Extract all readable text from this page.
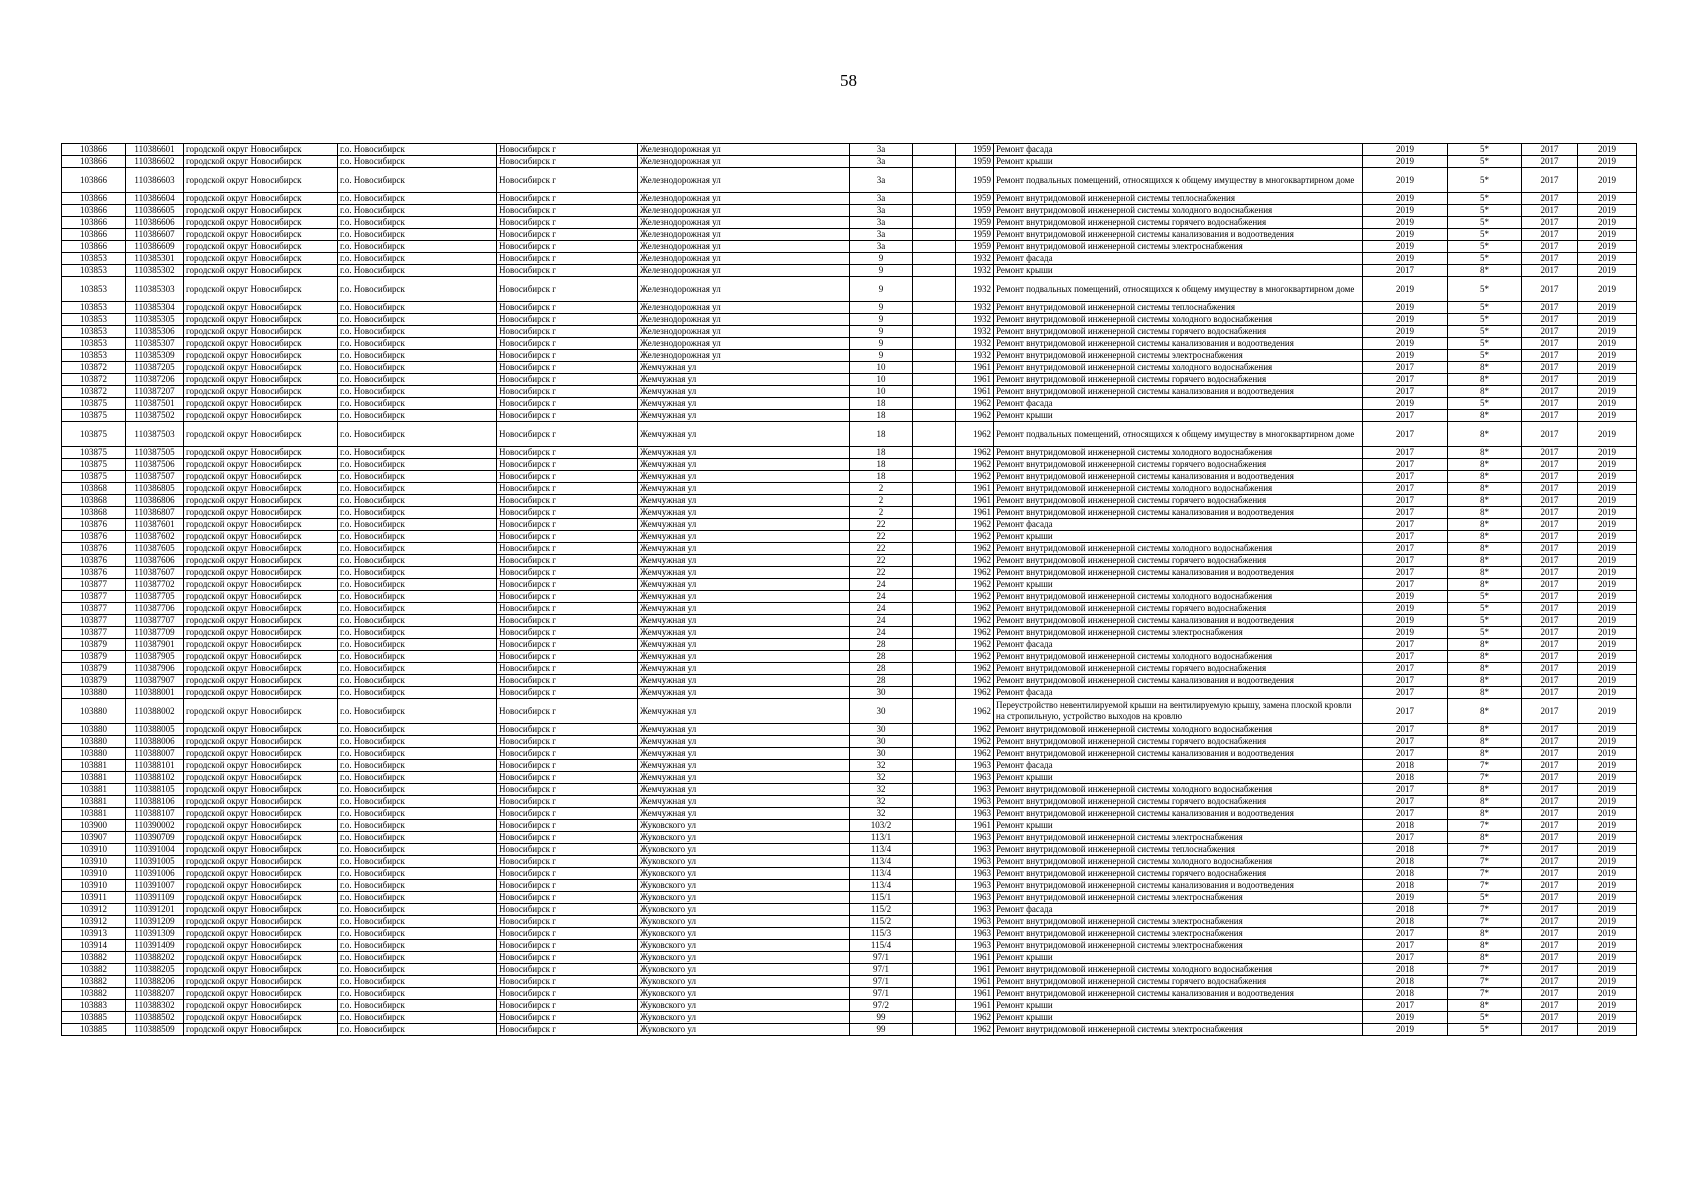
58
103866	110386601	городской округ Новосибирск	г.о. Новосибирск	Новосибирск г	Железнодорожная ул	3а		1959	Ремонт фасада	2019	5*	2017	2019
103866	110386602	городской округ Новосибирск	г.о. Новосибирск	Новосибирск г	Железнодорожная ул	3а		1959	Ремонт крыши	2019	5*	2017	2019
103866	110386603	городской округ Новосибирск	г.о. Новосибирск	Новосибирск г	Железнодорожная ул	3а		1959	Ремонт подвальных помещений, относящихся к общему имуществу в многоквартирном доме	2019	5*	2017	2019
103866	110386604	городской округ Новосибирск	г.о. Новосибирск	Новосибирск г	Железнодорожная ул	3а		1959	Ремонт внутридомовой инженерной системы теплоснабжения	2019	5*	2017	2019
103866	110386605	городской округ Новосибирск	г.о. Новосибирск	Новосибирск г	Железнодорожная ул	3а		1959	Ремонт внутридомовой инженерной системы холодного водоснабжения	2019	5*	2017	2019
103866	110386606	городской округ Новосибирск	г.о. Новосибирск	Новосибирск г	Железнодорожная ул	3а		1959	Ремонт внутридомовой инженерной системы горячего водоснабжения	2019	5*	2017	2019
103866	110386607	городской округ Новосибирск	г.о. Новосибирск	Новосибирск г	Железнодорожная ул	3а		1959	Ремонт внутридомовой инженерной системы канализования и водоотведения	2019	5*	2017	2019
103866	110386609	городской округ Новосибирск	г.о. Новосибирск	Новосибирск г	Железнодорожная ул	3а		1959	Ремонт внутридомовой инженерной системы электроснабжения	2019	5*	2017	2019
103853	110385301	городской округ Новосибирск	г.о. Новосибирск	Новосибирск г	Железнодорожная ул	9		1932	Ремонт фасада	2019	5*	2017	2019
103853	110385302	городской округ Новосибирск	г.о. Новосибирск	Новосибирск г	Железнодорожная ул	9		1932	Ремонт крыши	2017	8*	2017	2019
103853	110385303	городской округ Новосибирск	г.о. Новосибирск	Новосибирск г	Железнодорожная ул	9		1932	Ремонт подвальных помещений, относящихся к общему имуществу в многоквартирном доме	2019	5*	2017	2019
103853	110385304	городской округ Новосибирск	г.о. Новосибирск	Новосибирск г	Железнодорожная ул	9		1932	Ремонт внутридомовой инженерной системы теплоснабжения	2019	5*	2017	2019
103853	110385305	городской округ Новосибирск	г.о. Новосибирск	Новосибирск г	Железнодорожная ул	9		1932	Ремонт внутридомовой инженерной системы холодного водоснабжения	2019	5*	2017	2019
103853	110385306	городской округ Новосибирск	г.о. Новосибирск	Новосибирск г	Железнодорожная ул	9		1932	Ремонт внутридомовой инженерной системы горячего водоснабжения	2019	5*	2017	2019
103853	110385307	городской округ Новосибирск	г.о. Новосибирск	Новосибирск г	Железнодорожная ул	9		1932	Ремонт внутридомовой инженерной системы канализования и водоотведения	2019	5*	2017	2019
103853	110385309	городской округ Новосибирск	г.о. Новосибирск	Новосибирск г	Железнодорожная ул	9		1932	Ремонт внутридомовой инженерной системы электроснабжения	2019	5*	2017	2019
103872	110387205	городской округ Новосибирск	г.о. Новосибирск	Новосибирск г	Жемчужная ул	10		1961	Ремонт внутридомовой инженерной системы холодного водоснабжения	2017	8*	2017	2019
103872	110387206	городской округ Новосибирск	г.о. Новосибирск	Новосибирск г	Жемчужная ул	10		1961	Ремонт внутридомовой инженерной системы горячего водоснабжения	2017	8*	2017	2019
103872	110387207	городской округ Новосибирск	г.о. Новосибирск	Новосибирск г	Жемчужная ул	10		1961	Ремонт внутридомовой инженерной системы канализования и водоотведения	2017	8*	2017	2019
103875	110387501	городской округ Новосибирск	г.о. Новосибирск	Новосибирск г	Жемчужная ул	18		1962	Ремонт фасада	2019	5*	2017	2019
103875	110387502	городской округ Новосибирск	г.о. Новосибирск	Новосибирск г	Жемчужная ул	18		1962	Ремонт крыши	2017	8*	2017	2019
103875	110387503	городской округ Новосибирск	г.о. Новосибирск	Новосибирск г	Жемчужная ул	18		1962	Ремонт подвальных помещений, относящихся к общему имуществу в многоквартирном доме	2017	8*	2017	2019
103875	110387505	городской округ Новосибирск	г.о. Новосибирск	Новосибирск г	Жемчужная ул	18		1962	Ремонт внутридомовой инженерной системы холодного водоснабжения	2017	8*	2017	2019
103875	110387506	городской округ Новосибирск	г.о. Новосибирск	Новосибирск г	Жемчужная ул	18		1962	Ремонт внутридомовой инженерной системы горячего водоснабжения	2017	8*	2017	2019
103875	110387507	городской округ Новосибирск	г.о. Новосибирск	Новосибирск г	Жемчужная ул	18		1962	Ремонт внутридомовой инженерной системы канализования и водоотведения	2017	8*	2017	2019
103868	110386805	городской округ Новосибирск	г.о. Новосибирск	Новосибирск г	Жемчужная ул	2		1961	Ремонт внутридомовой инженерной системы холодного водоснабжения	2017	8*	2017	2019
103868	110386806	городской округ Новосибирск	г.о. Новосибирск	Новосибирск г	Жемчужная ул	2		1961	Ремонт внутридомовой инженерной системы горячего водоснабжения	2017	8*	2017	2019
103868	110386807	городской округ Новосибирск	г.о. Новосибирск	Новосибирск г	Жемчужная ул	2		1961	Ремонт внутридомовой инженерной системы канализования и водоотведения	2017	8*	2017	2019
103876	110387601	городской округ Новосибирск	г.о. Новосибирск	Новосибирск г	Жемчужная ул	22		1962	Ремонт фасада	2017	8*	2017	2019
103876	110387602	городской округ Новосибирск	г.о. Новосибирск	Новосибирск г	Жемчужная ул	22		1962	Ремонт крыши	2017	8*	2017	2019
103876	110387605	городской округ Новосибирск	г.о. Новосибирск	Новосибирск г	Жемчужная ул	22		1962	Ремонт внутридомовой инженерной системы холодного водоснабжения	2017	8*	2017	2019
103876	110387606	городской округ Новосибирск	г.о. Новосибирск	Новосибирск г	Жемчужная ул	22		1962	Ремонт внутридомовой инженерной системы горячего водоснабжения	2017	8*	2017	2019
103876	110387607	городской округ Новосибирск	г.о. Новосибирск	Новосибирск г	Жемчужная ул	22		1962	Ремонт внутридомовой инженерной системы канализования и водоотведения	2017	8*	2017	2019
103877	110387702	городской округ Новосибирск	г.о. Новосибирск	Новосибирск г	Жемчужная ул	24		1962	Ремонт крыши	2017	8*	2017	2019
103877	110387705	городской округ Новосибирск	г.о. Новосибирск	Новосибирск г	Жемчужная ул	24		1962	Ремонт внутридомовой инженерной системы холодного водоснабжения	2019	5*	2017	2019
103877	110387706	городской округ Новосибирск	г.о. Новосибирск	Новосибирск г	Жемчужная ул	24		1962	Ремонт внутридомовой инженерной системы горячего водоснабжения	2019	5*	2017	2019
103877	110387707	городской округ Новосибирск	г.о. Новосибирск	Новосибирск г	Жемчужная ул	24		1962	Ремонт внутридомовой инженерной системы канализования и водоотведения	2019	5*	2017	2019
103877	110387709	городской округ Новосибирск	г.о. Новосибирск	Новосибирск г	Жемчужная ул	24		1962	Ремонт внутридомовой инженерной системы электроснабжения	2019	5*	2017	2019
103879	110387901	городской округ Новосибирск	г.о. Новосибирск	Новосибирск г	Жемчужная ул	28		1962	Ремонт фасада	2017	8*	2017	2019
103879	110387905	городской округ Новосибирск	г.о. Новосибирск	Новосибирск г	Жемчужная ул	28		1962	Ремонт внутридомовой инженерной системы холодного водоснабжения	2017	8*	2017	2019
103879	110387906	городской округ Новосибирск	г.о. Новосибирск	Новосибирск г	Жемчужная ул	28		1962	Ремонт внутридомовой инженерной системы горячего водоснабжения	2017	8*	2017	2019
103879	110387907	городской округ Новосибирск	г.о. Новосибирск	Новосибирск г	Жемчужная ул	28		1962	Ремонт внутридомовой инженерной системы канализования и водоотведения	2017	8*	2017	2019
103880	110388001	городской округ Новосибирск	г.о. Новосибирск	Новосибирск г	Жемчужная ул	30		1962	Ремонт фасада	2017	8*	2017	2019
103880	110388002	городской округ Новосибирск	г.о. Новосибирск	Новосибирск г	Жемчужная ул	30		1962	Переустройство невентилируемой крыши на вентилируемую крышу, замена плоской кровли на стропильную, устройство выходов на кровлю	2017	8*	2017	2019
103880	110388005	городской округ Новосибирск	г.о. Новосибирск	Новосибирск г	Жемчужная ул	30		1962	Ремонт внутридомовой инженерной системы холодного водоснабжения	2017	8*	2017	2019
103880	110388006	городской округ Новосибирск	г.о. Новосибирск	Новосибирск г	Жемчужная ул	30		1962	Ремонт внутридомовой инженерной системы горячего водоснабжения	2017	8*	2017	2019
103880	110388007	городской округ Новосибирск	г.о. Новосибирск	Новосибирск г	Жемчужная ул	30		1962	Ремонт внутридомовой инженерной системы канализования и водоотведения	2017	8*	2017	2019
103881	110388101	городской округ Новосибирск	г.о. Новосибирск	Новосибирск г	Жемчужная ул	32		1963	Ремонт фасада	2018	7*	2017	2019
103881	110388102	городской округ Новосибирск	г.о. Новосибирск	Новосибирск г	Жемчужная ул	32		1963	Ремонт крыши	2018	7*	2017	2019
103881	110388105	городской округ Новосибирск	г.о. Новосибирск	Новосибирск г	Жемчужная ул	32		1963	Ремонт внутридомовой инженерной системы холодного водоснабжения	2017	8*	2017	2019
103881	110388106	городской округ Новосибирск	г.о. Новосибирск	Новосибирск г	Жемчужная ул	32		1963	Ремонт внутридомовой инженерной системы горячего водоснабжения	2017	8*	2017	2019
103881	110388107	городской округ Новосибирск	г.о. Новосибирск	Новосибирск г	Жемчужная ул	32		1963	Ремонт внутридомовой инженерной системы канализования и водоотведения	2017	8*	2017	2019
103900	110390002	городской округ Новосибирск	г.о. Новосибирск	Новосибирск г	Жуковского ул	103/2		1961	Ремонт крыши	2018	7*	2017	2019
103907	110390709	городской округ Новосибирск	г.о. Новосибирск	Новосибирск г	Жуковского ул	113/1		1963	Ремонт внутридомовой инженерной системы электроснабжения	2017	8*	2017	2019
103910	110391004	городской округ Новосибирск	г.о. Новосибирск	Новосибирск г	Жуковского ул	113/4		1963	Ремонт внутридомовой инженерной системы теплоснабжения	2018	7*	2017	2019
103910	110391005	городской округ Новосибирск	г.о. Новосибирск	Новосибирск г	Жуковского ул	113/4		1963	Ремонт внутридомовой инженерной системы холодного водоснабжения	2018	7*	2017	2019
103910	110391006	городской округ Новосибирск	г.о. Новосибирск	Новосибирск г	Жуковского ул	113/4		1963	Ремонт внутридомовой инженерной системы горячего водоснабжения	2018	7*	2017	2019
103910	110391007	городской округ Новосибирск	г.о. Новосибирск	Новосибирск г	Жуковского ул	113/4		1963	Ремонт внутридомовой инженерной системы канализования и водоотведения	2018	7*	2017	2019
103911	110391109	городской округ Новосибирск	г.о. Новосибирск	Новосибирск г	Жуковского ул	115/1		1963	Ремонт внутридомовой инженерной системы электроснабжения	2019	5*	2017	2019
103912	110391201	городской округ Новосибирск	г.о. Новосибирск	Новосибирск г	Жуковского ул	115/2		1963	Ремонт фасада	2018	7*	2017	2019
103912	110391209	городской округ Новосибирск	г.о. Новосибирск	Новосибирск г	Жуковского ул	115/2		1963	Ремонт внутридомовой инженерной системы электроснабжения	2018	7*	2017	2019
103913	110391309	городской округ Новосибирск	г.о. Новосибирск	Новосибирск г	Жуковского ул	115/3		1963	Ремонт внутридомовой инженерной системы электроснабжения	2017	8*	2017	2019
103914	110391409	городской округ Новосибирск	г.о. Новосибирск	Новосибирск г	Жуковского ул	115/4		1963	Ремонт внутридомовой инженерной системы электроснабжения	2017	8*	2017	2019
103882	110388202	городской округ Новосибирск	г.о. Новосибирск	Новосибирск г	Жуковского ул	97/1		1961	Ремонт крыши	2017	8*	2017	2019
103882	110388205	городской округ Новосибирск	г.о. Новосибирск	Новосибирск г	Жуковского ул	97/1		1961	Ремонт внутридомовой инженерной системы холодного водоснабжения	2018	7*	2017	2019
103882	110388206	городской округ Новосибирск	г.о. Новосибирск	Новосибирск г	Жуковского ул	97/1		1961	Ремонт внутридомовой инженерной системы горячего водоснабжения	2018	7*	2017	2019
103882	110388207	городской округ Новосибирск	г.о. Новосибирск	Новосибирск г	Жуковского ул	97/1		1961	Ремонт внутридомовой инженерной системы канализования и водоотведения	2018	7*	2017	2019
103883	110388302	городской округ Новосибирск	г.о. Новосибирск	Новосибирск г	Жуковского ул	97/2		1961	Ремонт крыши	2017	8*	2017	2019
103885	110388502	городской округ Новосибирск	г.о. Новосибирск	Новосибирск г	Жуковского ул	99		1962	Ремонт крыши	2019	5*	2017	2019
103885	110388509	городской округ Новосибирск	г.о. Новосибирск	Новосибирск г	Жуковского ул	99		1962	Ремонт внутридомовой инженерной системы электроснабжения	2019	5*	2017	2019
